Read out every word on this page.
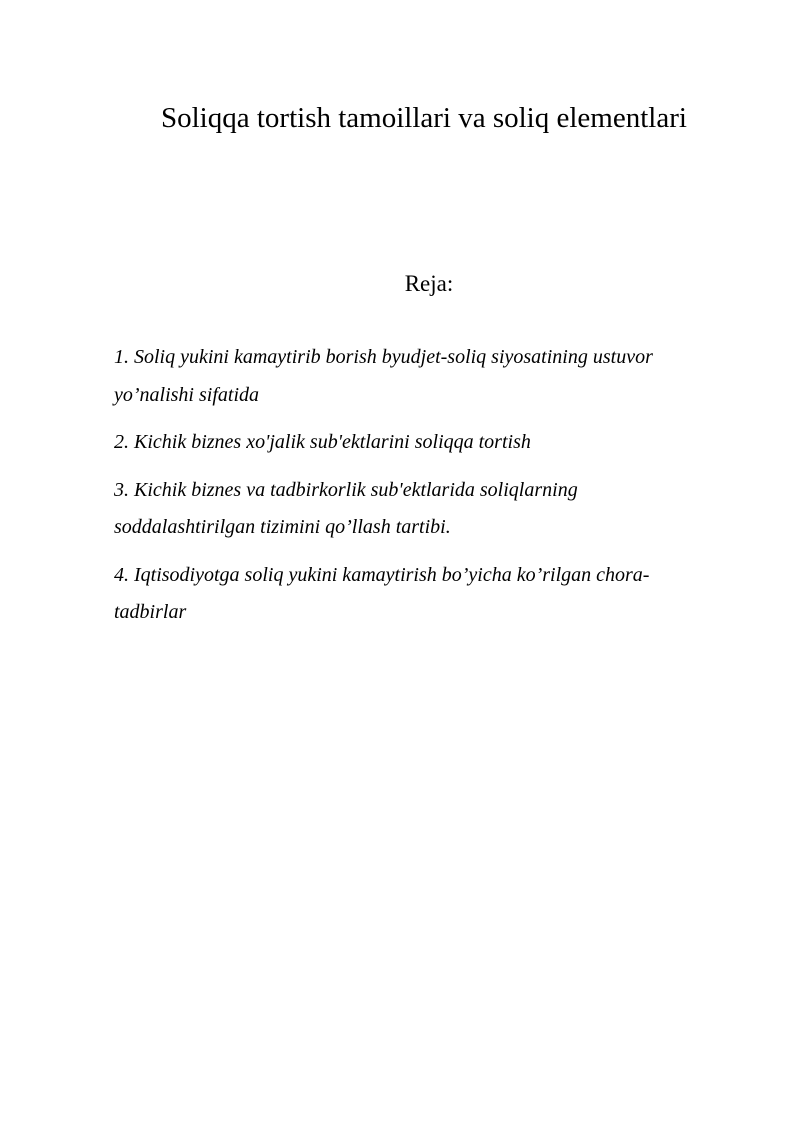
Soliqqa tortish tamoillari va soliq elementlari
Reja:
1. Soliq yukini kamaytirib borish byudjet-soliq siyosatining ustuvor
yo’nalishi sifatida
2. Kichik biznes xo'jalik sub'ektlarini soliqqa tortish
3. Kichik biznes va tadbirkorlik sub'ektlarida soliqlarning
soddalashtirilgan tizimini qo’llash tartibi.
4. Iqtisodiyotga soliq yukini kamaytirish bo’yicha ko’rilgan chora-
tadbirlar
